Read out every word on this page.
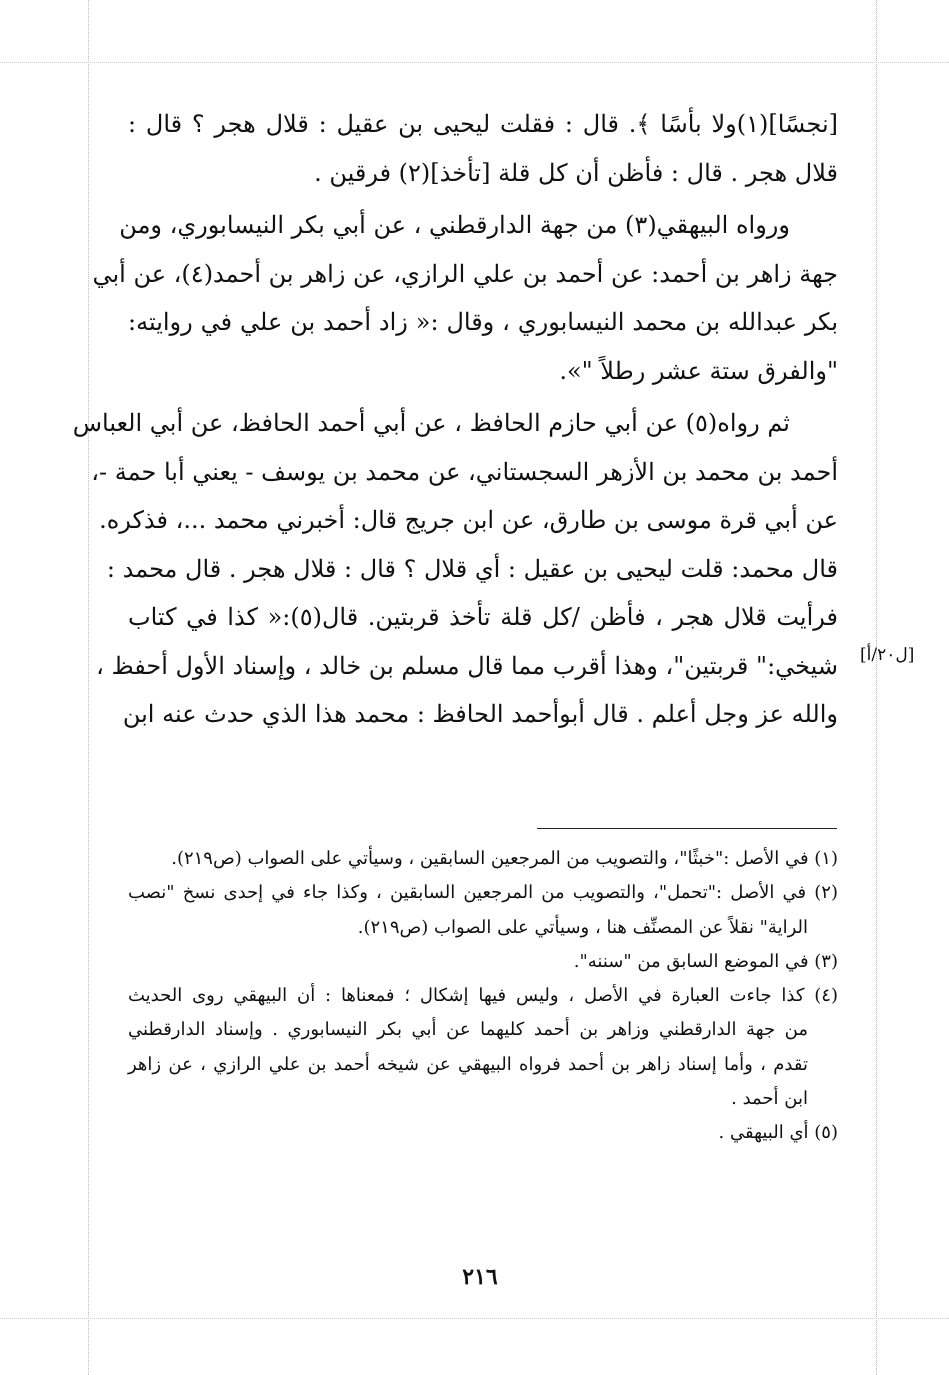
[نجسًا](١)ولا بأسًا ﴾. قال : فقلت ليحيى بن عقيل : قلال هجر ؟ قال :
قلال هجر . قال : فأظن أن كل قلة [تأخذ](٢) فرقين .
ورواه البيهقي(٣) من جهة الدارقطني ، عن أبي بكر النيسابوري، ومن
جهة زاهر بن أحمد: عن أحمد بن علي الرازي، عن زاهر بن أحمد(٤)، عن أبي
بكر عبدالله بن محمد النيسابوري ، وقال :« زاد أحمد بن علي في روايته:
"والفرق ستة عشر رطلاً "».
ثم رواه(٥) عن أبي حازم الحافظ ، عن أبي أحمد الحافظ، عن أبي العباس
أحمد بن محمد بن الأزهر السجستاني، عن محمد بن يوسف - يعني أبا حمة -،
عن أبي قرة موسى بن طارق، عن ابن جريج قال: أخبرني محمد ...، فذكره.
قال محمد: قلت ليحيى بن عقيل : أي قلال ؟ قال : قلال هجر . قال محمد :
فرأيت قلال هجر ، فأظن /كل قلة تأخذ قربتين. قال(٥):« كذا في كتاب
شيخي:" قربتين"، وهذا أقرب مما قال مسلم بن خالد ، وإسناد الأول أحفظ ،
والله عز وجل أعلم . قال أبوأحمد الحافظ : محمد هذا الذي حدث عنه ابن
[ل٢٠/أ]
(١) في الأصل :"خبثًا"، والتصويب من المرجعين السابقين ، وسيأتي على الصواب (ص٢١٩).
(٢) في الأصل :"تحمل"، والتصويب من المرجعين السابقين ، وكذا جاء في إحدى نسخ "نصب
الراية" نقلاً عن المصنِّف هنا ، وسيأتي على الصواب (ص٢١٩).
(٣) في الموضع السابق من "سننه".
(٤) كذا جاءت العبارة في الأصل ، وليس فيها إشكال ؛ فمعناها : أن البيهقي روى الحديث
من جهة الدارقطني وزاهر بن أحمد كليهما عن أبي بكر النيسابوري . وإسناد الدارقطني
تقدم ، وأما إسناد زاهر بن أحمد فرواه البيهقي عن شيخه أحمد بن علي الرازي ، عن زاهر
ابن أحمد .
(٥) أي البيهقي .
٢١٦
